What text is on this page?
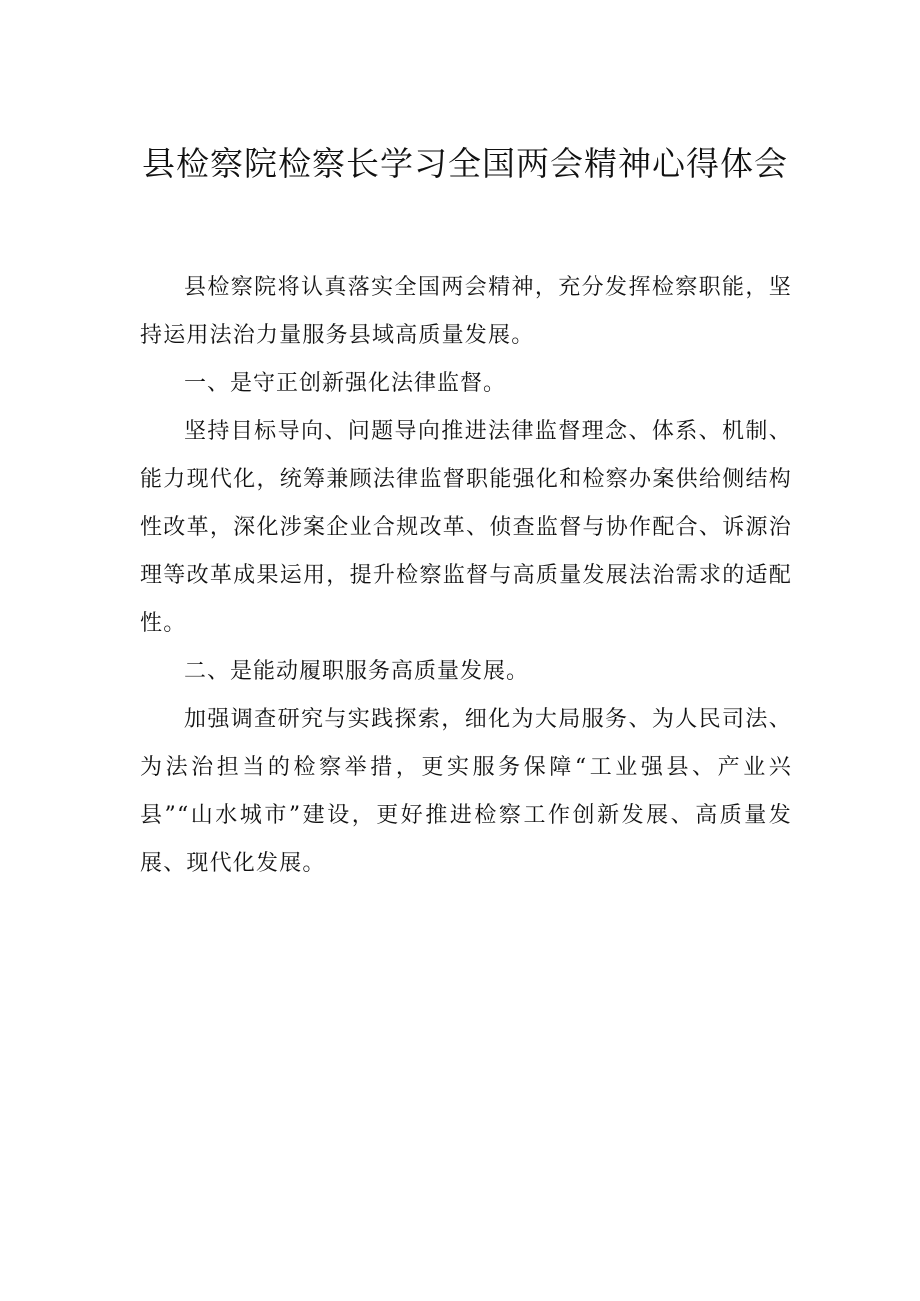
县检察院检察长学习全国两会精神心得体会

县检察院将认真落实全国两会精神，充分发挥检察职能，坚持运用法治力量服务县域高质量发展。

一、是守正创新强化法律监督。

坚持目标导向、问题导向推进法律监督理念、体系、机制、能力现代化，统筹兼顾法律监督职能强化和检察办案供给侧结构性改革，深化涉案企业合规改革、侦查监督与协作配合、诉源治理等改革成果运用，提升检察监督与高质量发展法治需求的适配性。

二、是能动履职服务高质量发展。

加强调查研究与实践探索，细化为大局服务、为人民司法、为法治担当的检察举措，更实服务保障“工业强县、产业兴县”“山水城市”建设，更好推进检察工作创新发展、高质量发展、现代化发展。
